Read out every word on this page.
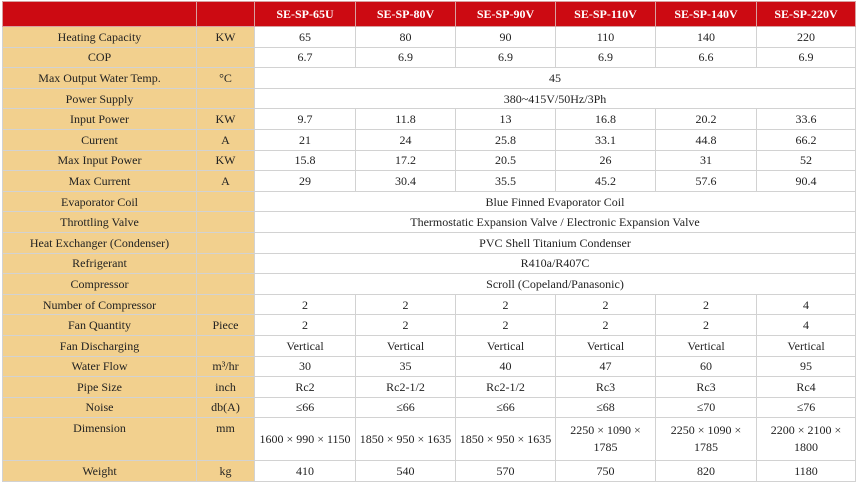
		SE-SP-65U	SE-SP-80V	SE-SP-90V	SE-SP-110V	SE-SP-140V	SE-SP-220V
Heating Capacity	KW	65	80	90	110	140	220
COP		6.7	6.9	6.9	6.9	6.6	6.9
Max Output Water Temp.	°C	45					
Power Supply		380~415V/50Hz/3Ph					
Input Power	KW	9.7	11.8	13	16.8	20.2	33.6
Current	A	21	24	25.8	33.1	44.8	66.2
Max Input Power	KW	15.8	17.2	20.5	26	31	52
Max Current	A	29	30.4	35.5	45.2	57.6	90.4
Evaporator Coil		Blue Finned Evaporator Coil					
Throttling Valve		Thermostatic Expansion Valve / Electronic Expansion Valve					
Heat Exchanger (Condenser)		PVC Shell Titanium Condenser					
Refrigerant		R410a/R407C					
Compressor		Scroll (Copeland/Panasonic)					
Number of Compressor		2	2	2	2	2	4
Fan Quantity	Piece	2	2	2	2	2	4
Fan Discharging		Vertical	Vertical	Vertical	Vertical	Vertical	Vertical
Water Flow	m³/hr	30	35	40	47	60	95
Pipe Size	inch	Rc2	Rc2-1/2	Rc2-1/2	Rc3	Rc3	Rc4
Noise	db(A)	≤66	≤66	≤66	≤68	≤70	≤76
Dimension	mm	1600 × 990 × 1150	1850 × 950 × 1635	1850 × 950 × 1635	2250 × 1090 × 1785	2250 × 1090 × 1785	2200 × 2100 × 1800
Weight	kg	410	540	570	750	820	1180
